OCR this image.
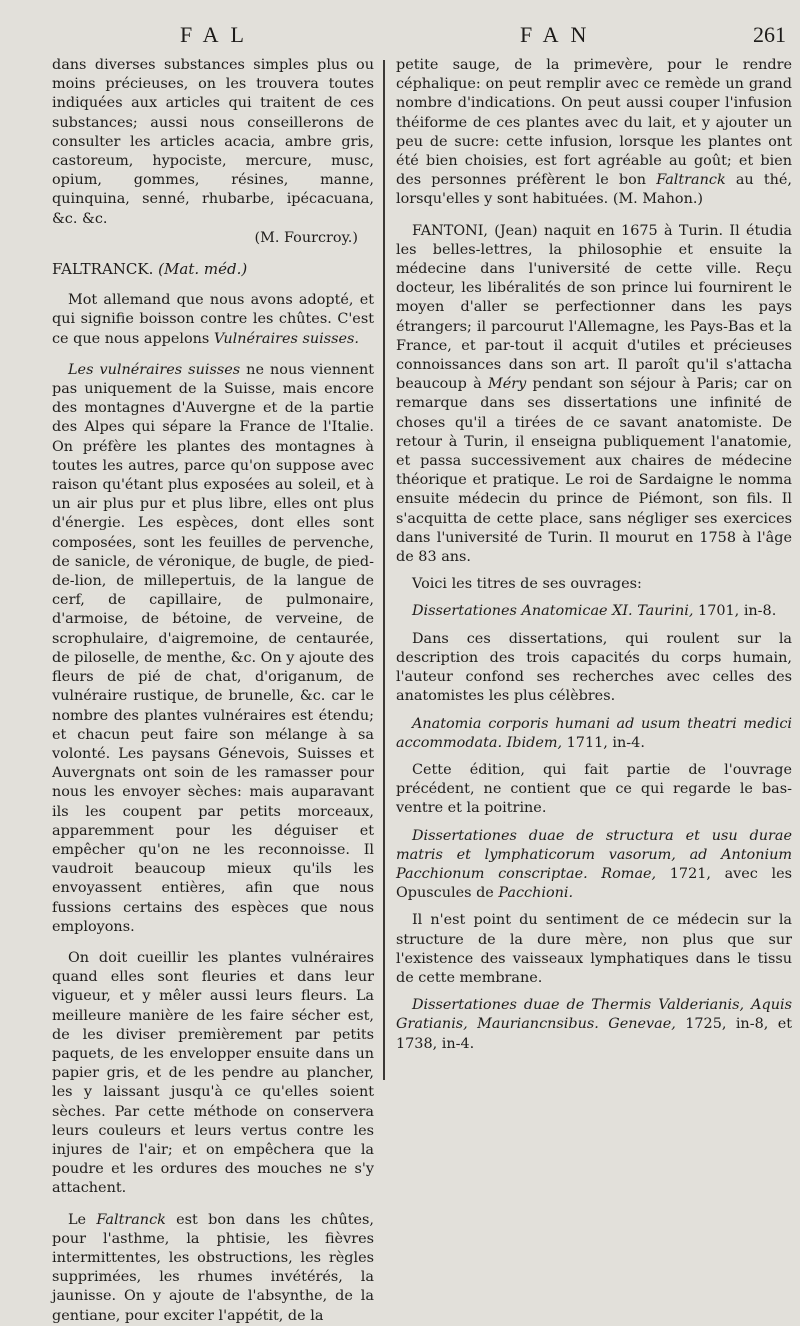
FAL	FAN	261

dans diverses substances simples plus ou moins précieuses, on les trouvera toutes indiquées aux articles qui traitent de ces substances; aussi nous conseillerons de consulter les articles acacia, ambre gris, castoreum, hypociste, mercure, musc, opium, gommes, résines, manne, quinquina, senné, rhubarbe, ipécacuana, &c. &c.

(M. Fourcroy.)

FALTRANCK. (Mat. méd.)

Mot allemand que nous avons adopté, et qui signifie boisson contre les chûtes. C'est ce que nous appelons Vulnéraires suisses.

Les vulnéraires suisses ne nous viennent pas uniquement de la Suisse, mais encore des montagnes d'Auvergne et de la partie des Alpes qui sépare la France de l'Italie. On préfère les plantes des montagnes à toutes les autres, parce qu'on suppose avec raison qu'étant plus exposées au soleil, et à un air plus pur et plus libre, elles ont plus d'énergie. Les espèces, dont elles sont composées, sont les feuilles de pervenche, de sanicle, de véronique, de bugle, de pied-de-lion, de millepertuis, de la langue de cerf, de capillaire, de pulmonaire, d'armoise, de bétoine, de verveine, de scrophulaire, d'aigremoine, de centaurée, de piloselle, de menthe, &c. On y ajoute des fleurs de pié de chat, d'origanum, de vulnéraire rustique, de brunelle, &c. car le nombre des plantes vulnéraires est étendu; et chacun peut faire son mélange à sa volonté. Les paysans Génevois, Suisses et Auvergnats ont soin de les ramasser pour nous les envoyer sèches: mais auparavant ils les coupent par petits morceaux, apparemment pour les déguiser et empêcher qu'on ne les reconnoisse. Il vaudroit beaucoup mieux qu'ils les envoyassent entières, afin que nous fussions certains des espèces que nous employons.

On doit cueillir les plantes vulnéraires quand elles sont fleuries et dans leur vigueur, et y mêler aussi leurs fleurs. La meilleure manière de les faire sécher est, de les diviser premièrement par petits paquets, de les envelopper ensuite dans un papier gris, et de les pendre au plancher, les y laissant jusqu'à ce qu'elles soient sèches. Par cette méthode on conservera leurs couleurs et leurs vertus contre les injures de l'air; et on empêchera que la poudre et les ordures des mouches ne s'y attachent.

Le Faltranck est bon dans les chûtes, pour l'asthme, la phtisie, les fièvres intermittentes, les obstructions, les règles supprimées, les rhumes invétérés, la jaunisse. On y ajoute de l'absynthe, de la gentiane, pour exciter l'appétit, de la

petite sauge, de la primevère, pour le rendre céphalique: on peut remplir avec ce remède un grand nombre d'indications. On peut aussi couper l'infusion théiforme de ces plantes avec du lait, et y ajouter un peu de sucre: cette infusion, lorsque les plantes ont été bien choisies, est fort agréable au goût; et bien des personnes préfèrent le bon Faltranck au thé, lorsqu'elles y sont habituées. (M. Mahon.)

FANTONI, (Jean) naquit en 1675 à Turin. Il étudia les belles-lettres, la philosophie et ensuite la médecine dans l'université de cette ville. Reçu docteur, les libéralités de son prince lui fournirent le moyen d'aller se perfectionner dans les pays étrangers; il parcourut l'Allemagne, les Pays-Bas et la France, et par-tout il acquit d'utiles et précieuses connoissances dans son art. Il paroît qu'il s'attacha beaucoup à Méry pendant son séjour à Paris; car on remarque dans ses dissertations une infinité de choses qu'il a tirées de ce savant anatomiste. De retour à Turin, il enseigna publiquement l'anatomie, et passa successivement aux chaires de médecine théorique et pratique. Le roi de Sardaigne le nomma ensuite médecin du prince de Piémont, son fils. Il s'acquitta de cette place, sans négliger ses exercices dans l'université de Turin. Il mourut en 1758 à l'âge de 83 ans.

Voici les titres de ses ouvrages:

Dissertationes Anatomicae XI. Taurini, 1701, in-8.

Dans ces dissertations, qui roulent sur la description des trois capacités du corps humain, l'auteur confond ses recherches avec celles des anatomistes les plus célèbres.

Anatomia corporis humani ad usum theatri medici accommodata. Ibidem, 1711, in-4.

Cette édition, qui fait partie de l'ouvrage précédent, ne contient que ce qui regarde le bas-ventre et la poitrine.

Dissertationes duae de structura et usu durae matris et lymphaticorum vasorum, ad Antonium Pacchionum conscriptae. Romae, 1721, avec les Opuscules de Pacchioni.

Il n'est point du sentiment de ce médecin sur la structure de la dure mère, non plus que sur l'existence des vaisseaux lymphatiques dans le tissu de cette membrane.

Dissertationes duae de Thermis Valderianis, Aquis Gratianis, Mauriancnsibus. Genevae, 1725, in-8, et 1738, in-4.
